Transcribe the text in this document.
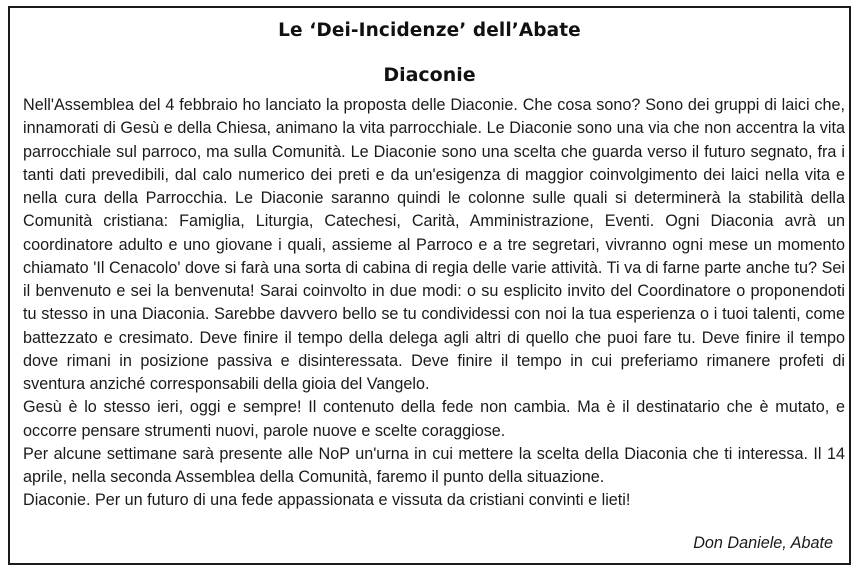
Le ‘Dei-Incidenze’ dell’Abate
Diaconie

Nell'Assemblea del 4 febbraio ho lanciato la proposta delle Diaconie. Che cosa sono? Sono dei gruppi di laici che, innamorati di Gesù e della Chiesa, animano la vita parrocchiale. Le Diaconie sono una via che non accentra la vita parrocchiale sul parroco, ma sulla Comunità. Le Diaconie sono una scelta che guarda verso il futuro segnato, fra i tanti dati prevedibili, dal calo numerico dei preti e da un'esigenza di maggior coinvolgimento dei laici nella vita e nella cura della Parrocchia. Le Diaconie saranno quindi le colonne sulle quali si determinerà la stabilità della Comunità cristiana: Famiglia, Liturgia, Catechesi, Carità, Amministrazione, Eventi. Ogni Diaconia avrà un coordinatore adulto e uno giovane i quali, assieme al Parroco e a tre segretari, vivranno ogni mese un momento chiamato 'Il Cenacolo' dove si farà una sorta di cabina di regia delle varie attività. Ti va di farne parte anche tu? Sei il benvenuto e sei la benvenuta! Sarai coinvolto in due modi: o su esplicito invito del Coordinatore o proponendoti tu stesso in una Diaconia. Sarebbe davvero bello se tu condividessi con noi la tua esperienza o i tuoi talenti, come battezzato e cresimato. Deve finire il tempo della delega agli altri di quello che puoi fare tu. Deve finire il tempo dove rimani in posizione passiva e disinteressata. Deve finire il tempo in cui preferiamo rimanere profeti di sventura anziché corresponsabili della gioia del Vangelo.

Gesù è lo stesso ieri, oggi e sempre! Il contenuto della fede non cambia. Ma è il destinatario che è mutato, e occorre pensare strumenti nuovi, parole nuove e scelte coraggiose.

Per alcune settimane sarà presente alle NoP un'urna in cui mettere la scelta della Diaconia che ti interessa. Il 14 aprile, nella seconda Assemblea della Comunità, faremo il punto della situazione.

Diaconie. Per un futuro di una fede appassionata e vissuta da cristiani convinti e lieti!

Don Daniele, Abate
